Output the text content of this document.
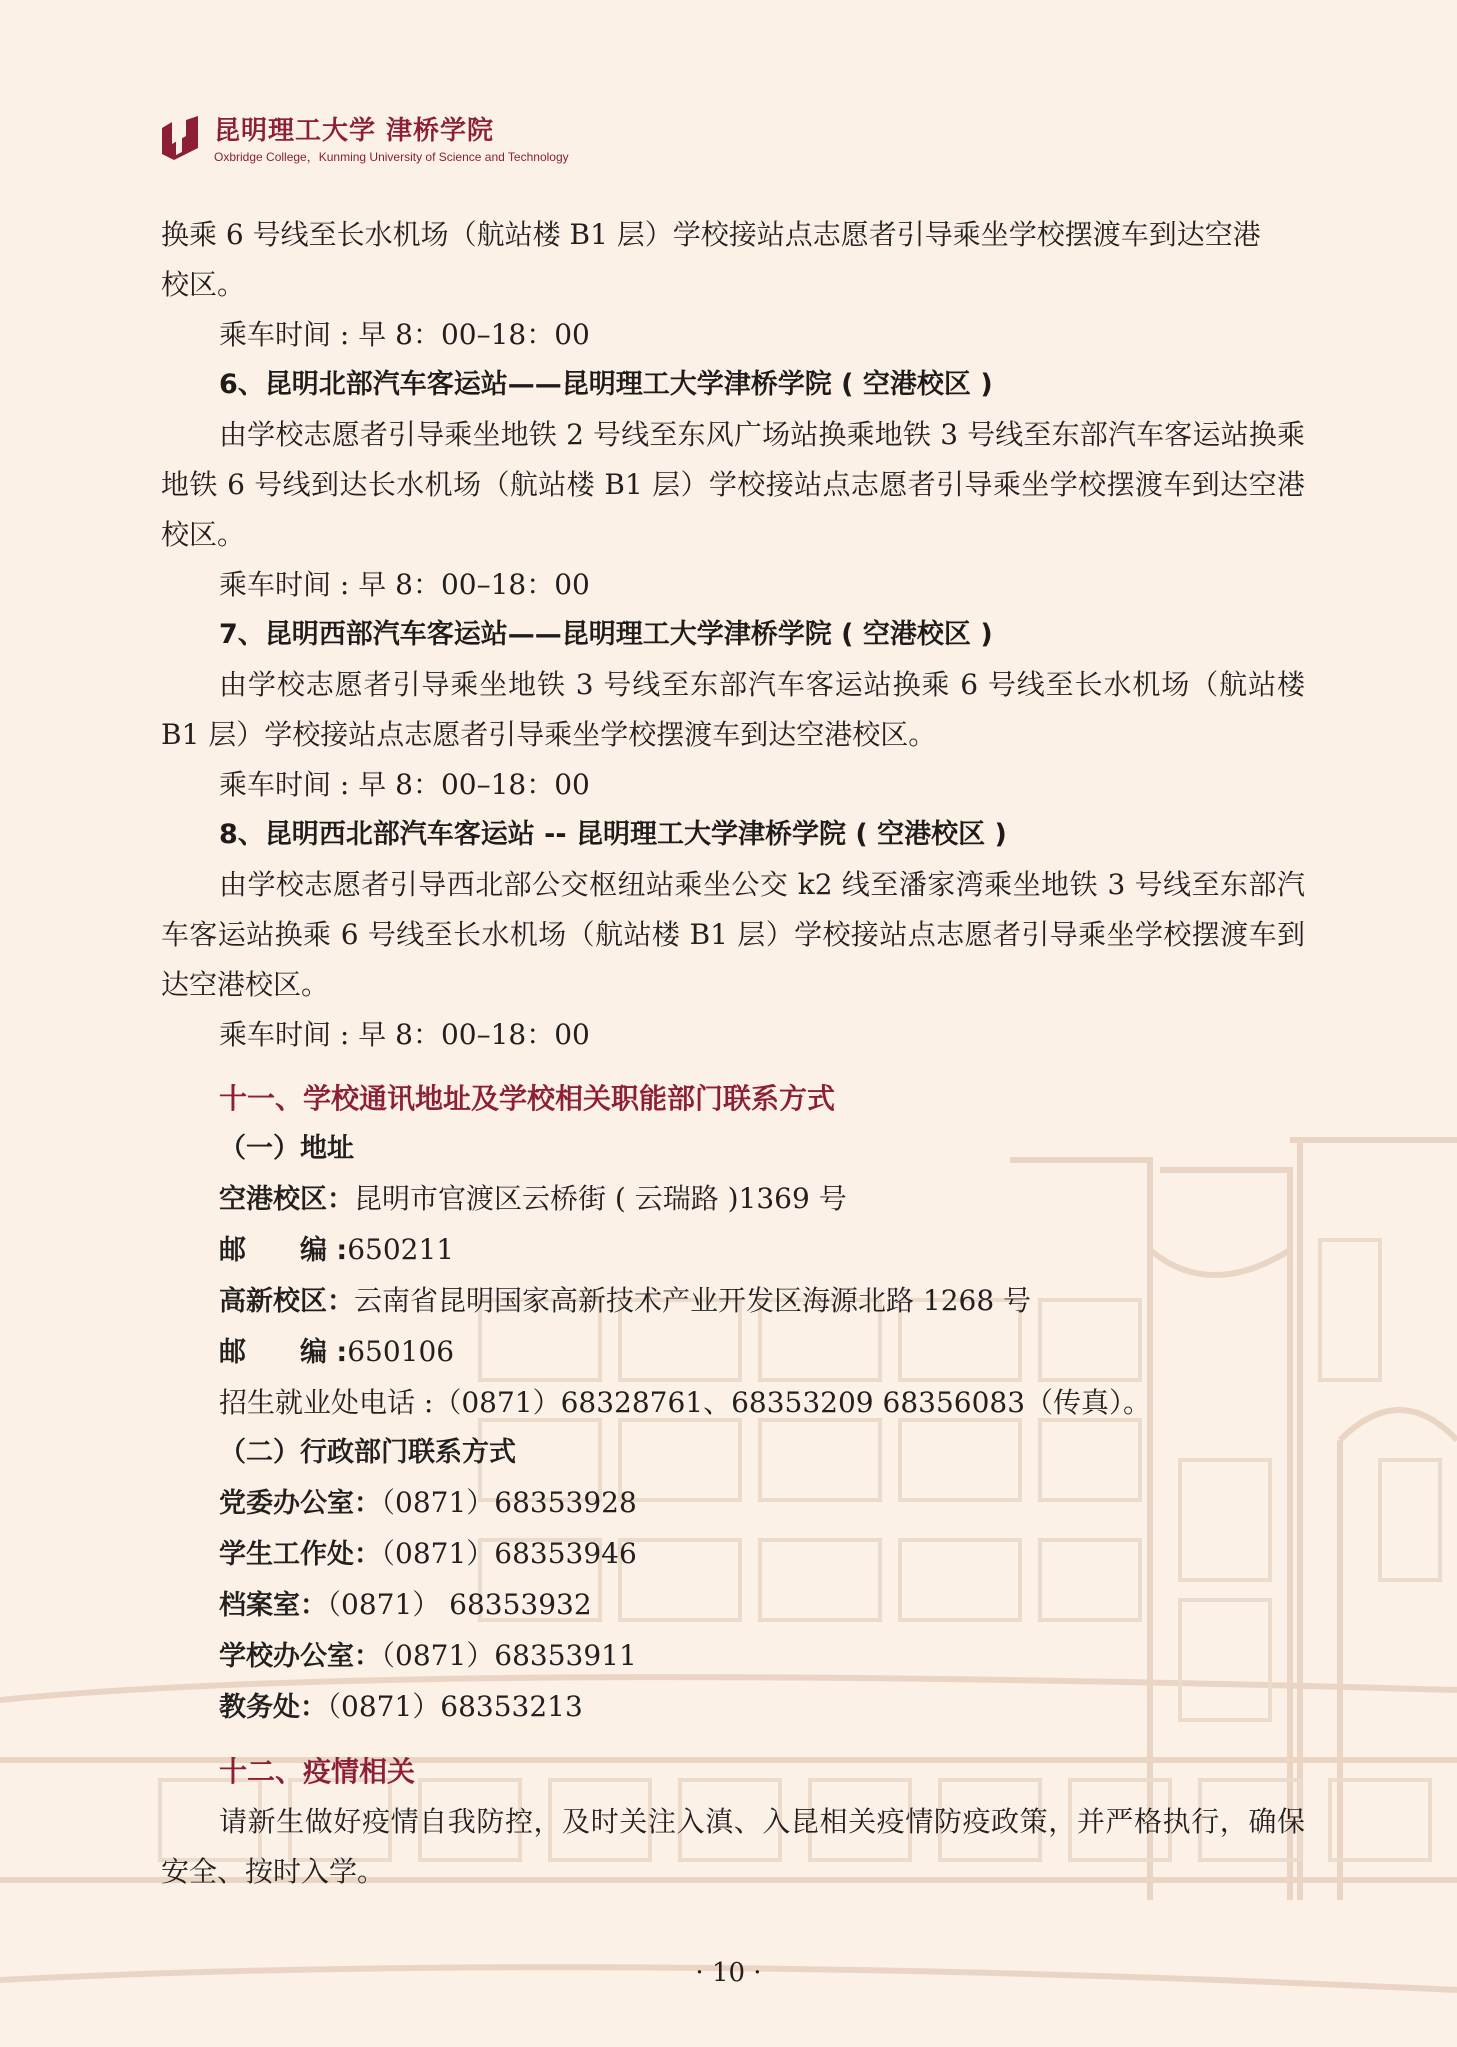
昆明理工大学 津桥学院
Oxbridge College，Kunming University of Science and Technology

换乘 6 号线至长水机场（航站楼 B1 层）学校接站点志愿者引导乘坐学校摆渡车到达空港

校区。

乘车时间 : 早 8：00–18：00

6、昆明北部汽车客运站——昆明理工大学津桥学院 ( 空港校区 )

由学校志愿者引导乘坐地铁 2 号线至东风广场站换乘地铁 3 号线至东部汽车客运站换乘地铁 6 号线到达长水机场（航站楼 B1 层）学校接站点志愿者引导乘坐学校摆渡车到达空港校区。

乘车时间 : 早 8：00–18：00

7、昆明西部汽车客运站——昆明理工大学津桥学院 ( 空港校区 )

由学校志愿者引导乘坐地铁 3 号线至东部汽车客运站换乘 6 号线至长水机场（航站楼 B1 层）学校接站点志愿者引导乘坐学校摆渡车到达空港校区。

乘车时间 : 早 8：00–18：00

8、昆明西北部汽车客运站 -- 昆明理工大学津桥学院 ( 空港校区 )

由学校志愿者引导西北部公交枢纽站乘坐公交 k2 线至潘家湾乘坐地铁 3 号线至东部汽车客运站换乘 6 号线至长水机场（航站楼 B1 层）学校接站点志愿者引导乘坐学校摆渡车到达空港校区。

乘车时间 : 早 8：00–18：00

十一、学校通讯地址及学校相关职能部门联系方式

（一）地址

空港校区：昆明市官渡区云桥街 ( 云瑞路 )1369 号

邮　　编 :650211

高新校区：云南省昆明国家高新技术产业开发区海源北路 1268 号

邮　　编 :650106

招生就业处电话 :（0871）68328761、68353209 68356083（传真）。

（二）行政部门联系方式

党委办公室：（0871）68353928

学生工作处：（0871）68353946

档案室：（0871） 68353932

学校办公室：（0871）68353911

教务处：（0871）68353213

十二、疫情相关

请新生做好疫情自我防控，及时关注入滇、入昆相关疫情防疫政策，并严格执行，确保安全、按时入学。

· 10 ·
